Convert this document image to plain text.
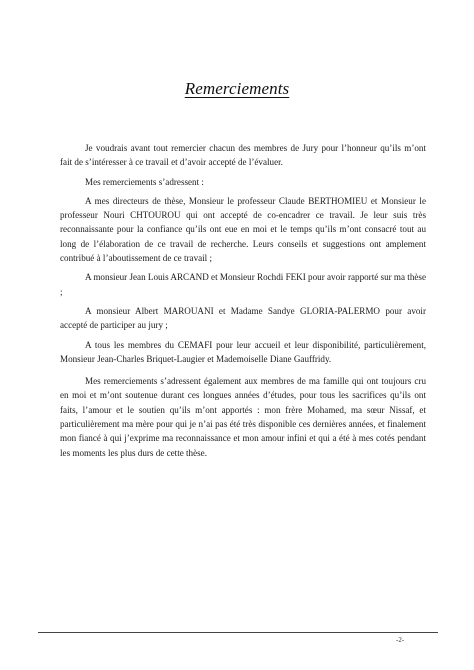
Remerciements

Je voudrais avant tout remercier chacun des membres de Jury pour l’honneur qu’ils m’ont fait de s’intéresser à ce travail et d’avoir accepté de l’évaluer.

Mes remerciements s’adressent :

A mes directeurs de thèse, Monsieur le professeur Claude BERTHOMIEU et Monsieur le professeur Nouri CHTOUROU qui ont accepté de co-encadrer ce travail. Je leur suis très reconnaissante pour la confiance qu’ils ont eue en moi et le temps qu’ils m’ont consacré tout au long de l’élaboration de ce travail de recherche. Leurs conseils et suggestions ont amplement contribué à l’aboutissement de ce travail ;

A monsieur Jean Louis ARCAND et Monsieur Rochdi FEKI pour avoir rapporté sur ma thèse ;

A monsieur Albert MAROUANI et Madame Sandye GLORIA-PALERMO pour avoir accepté de participer au jury ;

A tous les membres du CEMAFI pour leur accueil et leur disponibilité, particulièrement, Monsieur Jean-Charles Briquet-Laugier et Mademoiselle Diane Gauffridy.

Mes remerciements s’adressent également aux membres de ma famille qui ont toujours cru en moi et m’ont soutenue durant ces longues années d’études, pour tous les sacrifices qu’ils ont faits, l’amour et le soutien qu’ils m’ont apportés : mon frère Mohamed, ma sœur Nissaf, et particulièrement ma mère pour qui je n’ai pas été très disponible ces dernières années, et finalement mon fiancé à qui j’exprime ma reconnaissance et mon amour infini et qui a été à mes cotés pendant les moments les plus durs de cette thèse.

-2-
